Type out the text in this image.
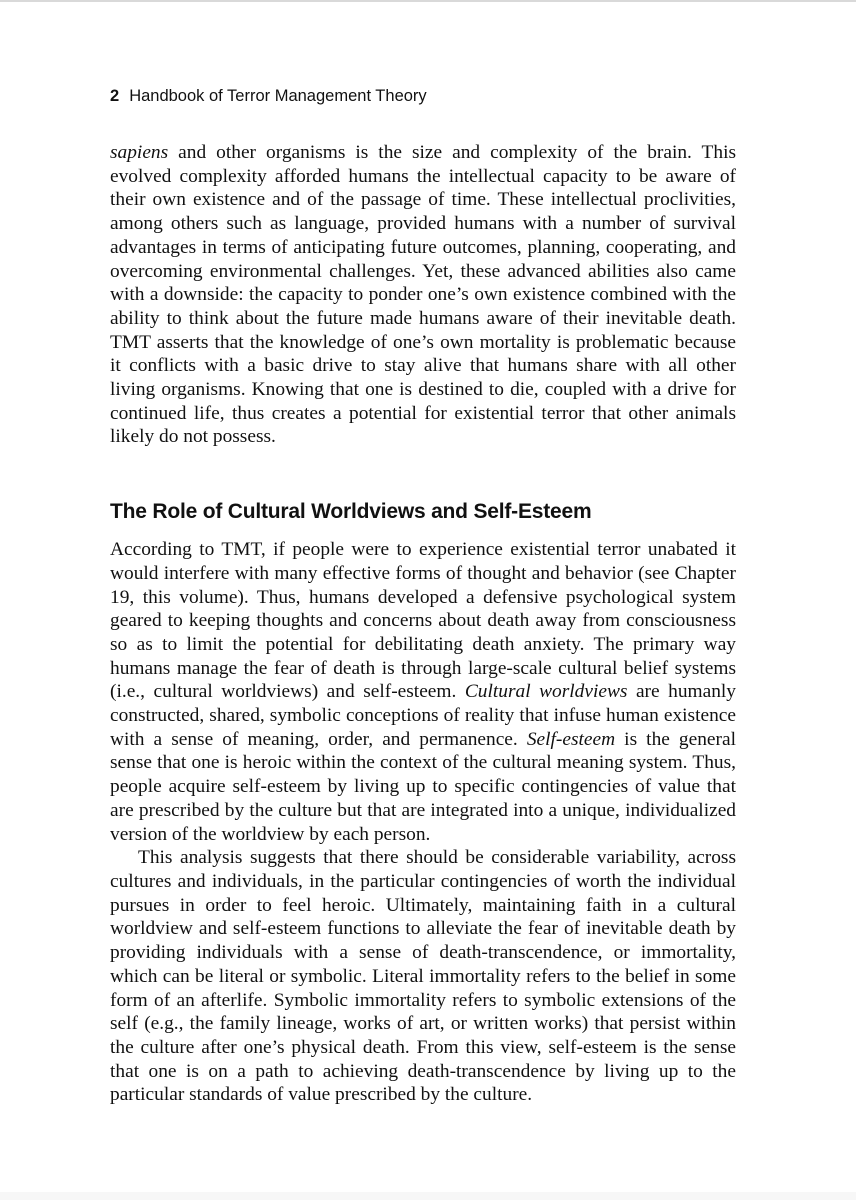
2 Handbook of Terror Management Theory

sapiens and other organisms is the size and complexity of the brain. This evolved complexity afforded humans the intellectual capacity to be aware of their own existence and of the passage of time. These intellectual proclivities, among others such as language, provided humans with a number of survival advantages in terms of anticipating future outcomes, planning, cooperating, and overcoming environmental challenges. Yet, these advanced abilities also came with a downside: the capacity to ponder one’s own existence combined with the ability to think about the future made humans aware of their inevitable death. TMT asserts that the knowledge of one’s own mortality is problematic because it conflicts with a basic drive to stay alive that humans share with all other living organisms. Knowing that one is destined to die, coupled with a drive for continued life, thus creates a potential for existential terror that other animals likely do not possess.

The Role of Cultural Worldviews and Self-Esteem

According to TMT, if people were to experience existential terror unabated it would interfere with many effective forms of thought and behavior (see Chapter 19, this volume). Thus, humans developed a defensive psychological system geared to keeping thoughts and concerns about death away from consciousness so as to limit the potential for debilitating death anxiety. The primary way humans manage the fear of death is through large-scale cultural belief systems (i.e., cultural worldviews) and self-esteem. Cultural worldviews are humanly constructed, shared, symbolic conceptions of reality that infuse human existence with a sense of meaning, order, and permanence. Self-esteem is the general sense that one is heroic within the context of the cultural meaning system. Thus, people acquire self-esteem by living up to specific contingencies of value that are prescribed by the culture but that are integrated into a unique, individualized version of the worldview by each person.

This analysis suggests that there should be considerable variability, across cultures and individuals, in the particular contingencies of worth the individual pursues in order to feel heroic. Ultimately, maintaining faith in a cultural worldview and self-esteem functions to alleviate the fear of inevitable death by providing individuals with a sense of death-transcendence, or immortality, which can be literal or symbolic. Literal immortality refers to the belief in some form of an afterlife. Symbolic immortality refers to symbolic extensions of the self (e.g., the family lineage, works of art, or written works) that persist within the culture after one’s physical death. From this view, self-esteem is the sense that one is on a path to achieving death-transcendence by living up to the particular standards of value prescribed by the culture.
